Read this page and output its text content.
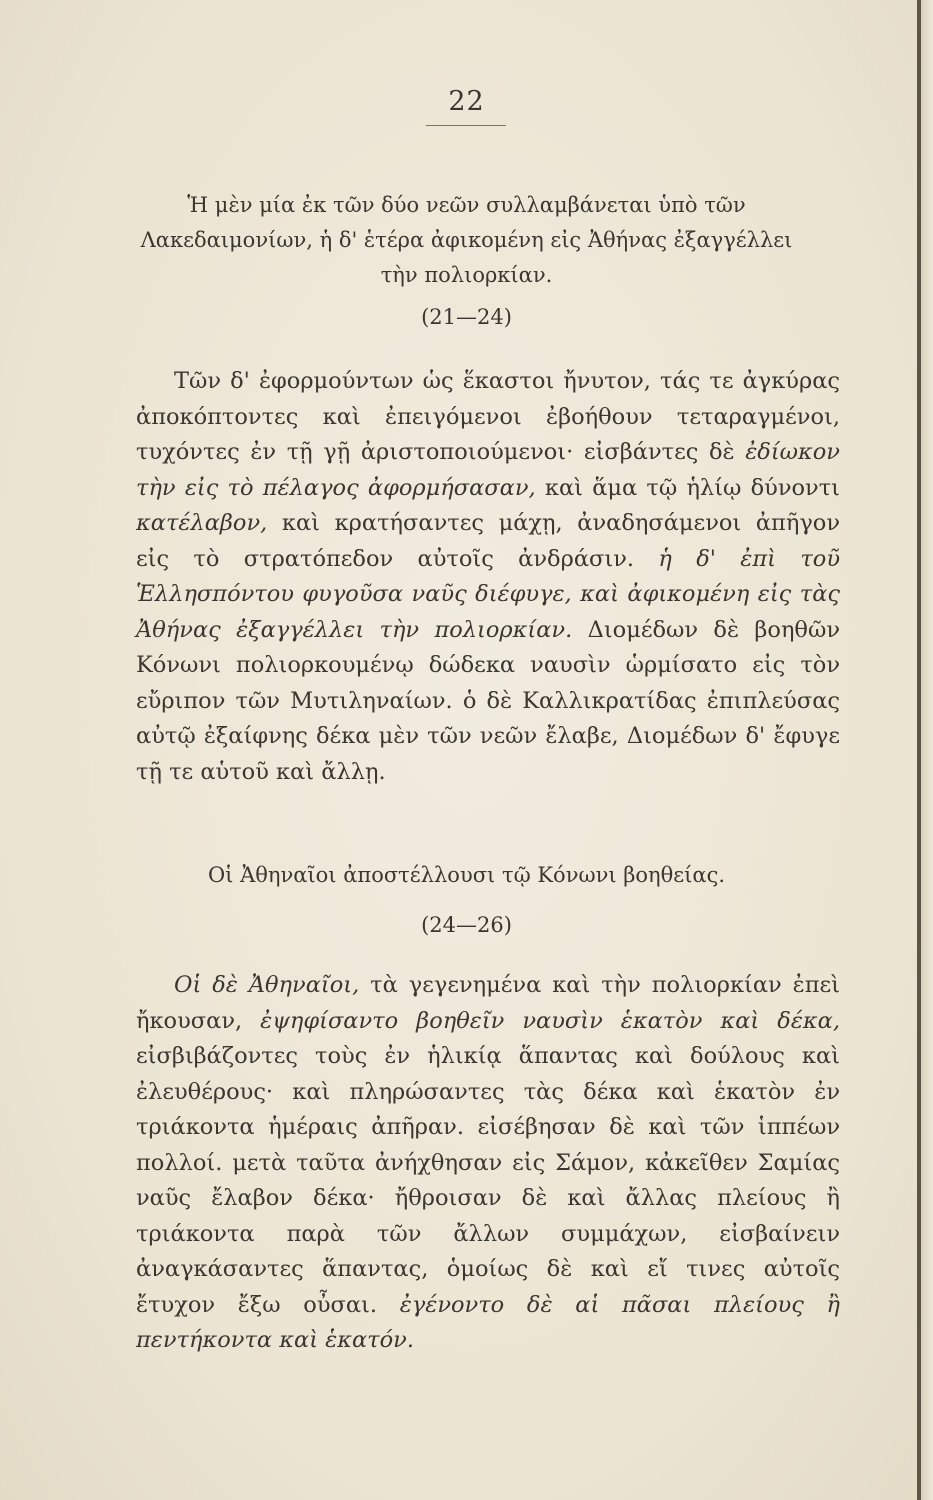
22
Ἡ μὲν μία ἐκ τῶν δύο νεῶν συλλαμβάνεται ὑπὸ τῶν Λακεδαιμονίων, ἡ δ' ἑτέρα ἀφικομένη εἰς Ἀθήνας ἐξαγγέλλει τὴν πολιορκίαν.
(21—24)

Τῶν δ' ἐφορμούντων ὡς ἕκαστοι ἤνυτον, τάς τε ἀγκύρας ἀποκόπτοντες καὶ ἐπειγόμενοι ἐβοήθουν τεταραγμένοι, τυχόντες ἐν τῇ γῇ ἀριστοποιούμενοι· εἰσβάντες δὲ ἐδίωκον τὴν εἰς τὸ πέλαγος ἀφορμήσασαν, καὶ ἅμα τῷ ἡλίῳ δύνοντι κατέλαβον, καὶ κρατήσαντες μάχῃ, ἀναδησάμενοι ἀπῆγον εἰς τὸ στρατόπεδον αὐτοῖς ἀνδράσιν. ἡ δ' ἐπὶ τοῦ Ἑλλησπόντου φυγοῦσα ναῦς διέφυγε, καὶ ἀφικομένη εἰς τὰς Ἀθήνας ἐξαγγέλλει τὴν πολιορκίαν. Διομέδων δὲ βοηθῶν Κόνωνι πολιορκουμένῳ δώδεκα ναυσὶν ὡρμίσατο εἰς τὸν εὔριπον τῶν Μυτιληναίων. ὁ δὲ Καλλικρατίδας ἐπιπλεύσας αὐτῷ ἐξαίφνης δέκα μὲν τῶν νεῶν ἔλαβε, Διομέδων δ' ἔφυγε τῇ τε αὑτοῦ καὶ ἄλλῃ.

Οἱ Ἀθηναῖοι ἀποστέλλουσι τῷ Κόνωνι βοηθείας.
(24—26)

Οἱ δὲ Ἀθηναῖοι, τὰ γεγενημένα καὶ τὴν πολιορκίαν ἐπεὶ ἤκουσαν, ἐψηφίσαντο βοηθεῖν ναυσὶν ἑκατὸν καὶ δέκα, εἰσβιβάζοντες τοὺς ἐν ἡλικίᾳ ἅπαντας καὶ δούλους καὶ ἐλευθέρους· καὶ πληρώσαντες τὰς δέκα καὶ ἑκατὸν ἐν τριάκοντα ἡμέραις ἀπῆραν. εἰσέβησαν δὲ καὶ τῶν ἱππέων πολλοί. μετὰ ταῦτα ἀνήχθησαν εἰς Σάμον, κἀκεῖθεν Σαμίας ναῦς ἔλαβον δέκα· ἤθροισαν δὲ καὶ ἄλλας πλείους ἢ τριάκοντα παρὰ τῶν ἄλλων συμμάχων, εἰσβαίνειν ἀναγκάσαντες ἅπαντας, ὁμοίως δὲ καὶ εἴ τινες αὐτοῖς ἔτυχον ἔξω οὖσαι. ἐγένοντο δὲ αἱ πᾶσαι πλείους ἢ πεντήκοντα καὶ ἑκατόν.
